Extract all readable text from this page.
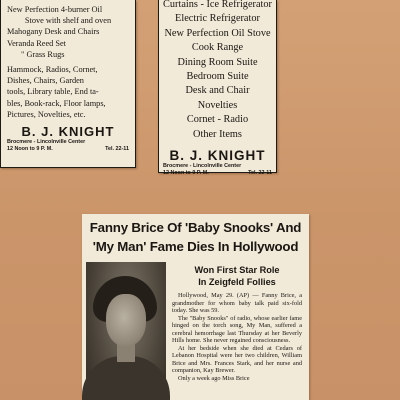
New Perfection 4-burner Oil
Stove with shelf and oven
Mahogany Desk and Chairs
Veranda Reed Set
" Grass Rugs
Hammock, Radios, Cornet,
Dishes, Chairs, Garden
tools, Library table, End ta-
bles, Book-rack, Floor lamps,
Pictures, Novelties, etc.
B. J. KNIGHT
Brocmere - Lincolnville Center
12 Noon to 9 P. M.	Tel. 22-11
Curtains - Ice Refrigerator
Electric Refrigerator
New Perfection Oil Stove
Cook Range
Dining Room Suite
Bedroom Suite
Desk and Chair
Novelties
Cornet - Radio
Other Items
B. J. KNIGHT
Brocmere - Lincolnville Center
12 Noon to 9 P. M.	Tel. 22-11
Fanny Brice Of 'Baby Snooks' And
'My Man' Fame Dies In Hollywood
Won First Star Role
In Zeigfeld Follies

Hollywood, May 29. (AP) — Fanny Brice, a grandmother for whom baby talk paid six-fold today. She was 59.

The "Baby Snooks" of radio, whose earlier fame hinged on the torch song, My Man, suffered a cerebral hemorrhage last Thursday at her Beverly Hills home. She never regained consciousness.

At her bedside when she died at Cedars of Lebanon Hospital were her two children, William Brice and Mrs. Frances Stark, and her nurse and companion, Kay Brewer.

Only a week ago Miss Brice
